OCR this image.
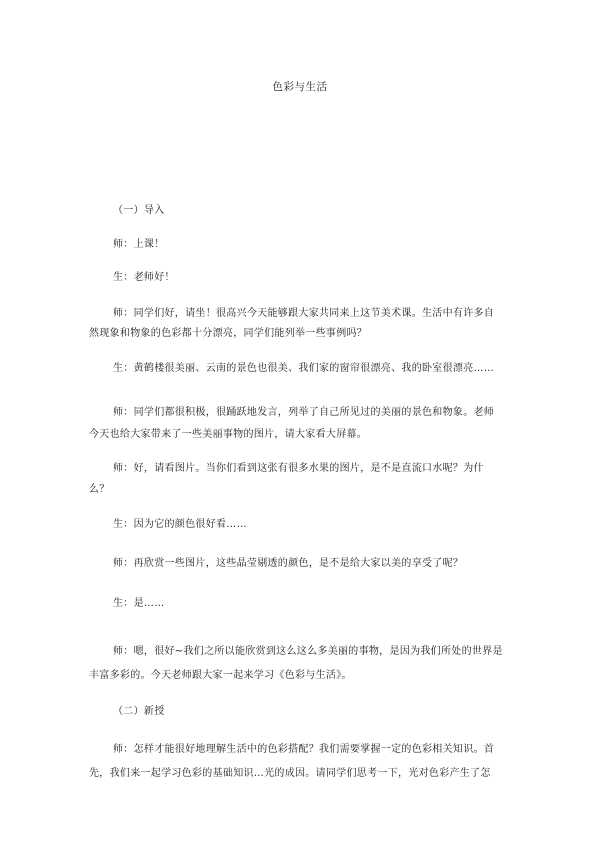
色彩与生活
（一）导入
师：上课！
生：老师好！
师：同学们好，请坐！很高兴今天能够跟大家共同来上这节美术课。生活中有许多自
然现象和物象的色彩都十分漂亮，同学们能列举一些事例吗？
生：黄鹤楼很美丽、云南的景色也很美、我们家的窗帘很漂亮、我的卧室很漂亮……
师：同学们都很积极，很踊跃地发言，列举了自己所见过的美丽的景色和物象。老师
今天也给大家带来了一些美丽事物的图片，请大家看大屏幕。
师：好，请看图片。当你们看到这张有很多水果的图片，是不是直流口水呢？为什
么？
生：因为它的颜色很好看……
师：再欣赏一些图片，这些晶莹剔透的颜色，是不是给大家以美的享受了呢？
生：是……
师：嗯，很好~我们之所以能欣赏到这么这么多美丽的事物，是因为我们所处的世界是
丰富多彩的。今天老师跟大家一起来学习《色彩与生活》。
（二）新授
师：怎样才能很好地理解生活中的色彩搭配？我们需要掌握一定的色彩相关知识。首
先，我们来一起学习色彩的基础知识…光的成因。请同学们思考一下，光对色彩产生了怎
